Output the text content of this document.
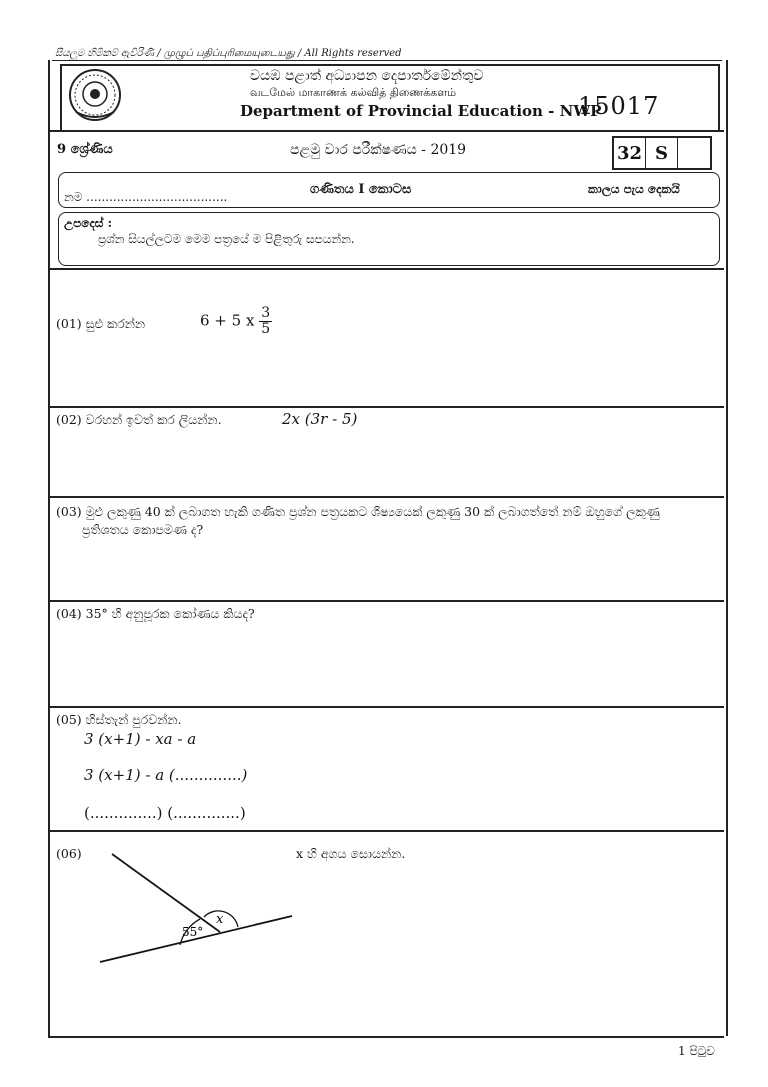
සියලුම හිමිකම් ඇවිරිණි / முழுப் பதிப்புரிமையுடையது / All Rights reserved
වයඹ පළාත් අධ්‍යාපන දෙපාර්තමේන්තුව
வடமேல் மாகாணக் கல்வித் திணைக்களம்
Department of Provincial Education - NWP
15017
9 ශ්‍රේණිය	පළමු වාර පරීක්ෂණය - 2019	32 S
නම .....................................	ගණිතය I කොටස	කාලය පැය දෙකයි
උපදෙස් :
ප්‍රශ්න සියල්ලටම මෙම පත්‍රයේ ම පිළිතුරු සපයන්න.
(01) සුළු කරන්න	6 + 5 x $\frac{3}{5}$
(02) වරහන් ඉවත් කර ලියන්න.	2x (3r - 5)
(03) මුළු ලකුණු 40 ක් ලබාගත හැකි ගණිත ප්‍රශ්න පත්‍රයකට ශිෂ්‍යයෙක් ලකුණු 30 ක් ලබාගත්තේ නම් ඔහුගේ ලකුණු
ප්‍රතිශතය කොපමණ ද?
(04) 35° හි අනුපූරක කෝණය කියද?
(05) හිස්තැන් පුරවන්න.
3 (x+1) - xa - a
3 (x+1) - a (..............)
(..............) (..............)
(06)	x හි අගය සොයන්න.
55°
x
1 පිටුව
